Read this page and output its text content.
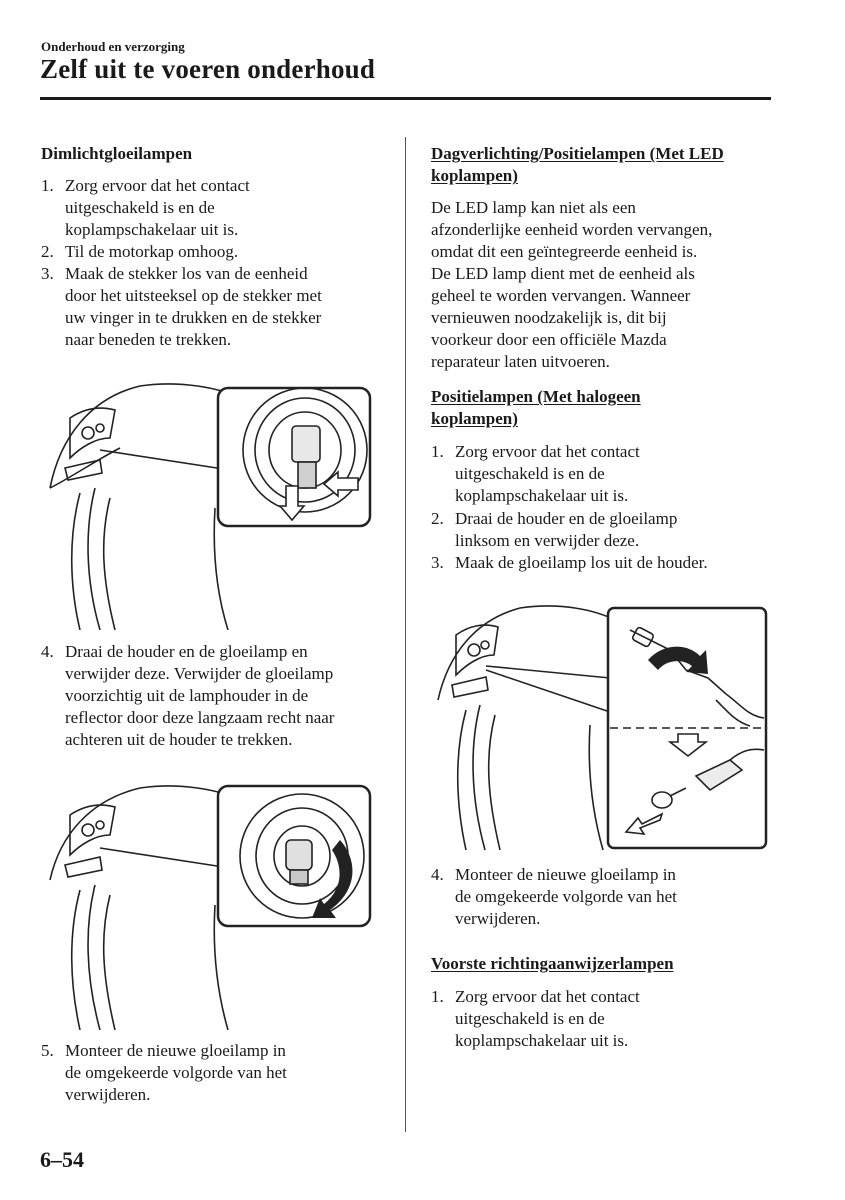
Onderhoud en verzorging
Zelf uit te voeren onderhoud
Dimlichtgloeilampen
1. Zorg ervoor dat het contact
uitgeschakeld is en de
koplampschakelaar uit is.
2. Til de motorkap omhoog.
3. Maak de stekker los van de eenheid
door het uitsteeksel op de stekker met
uw vinger in te drukken en de stekker
naar beneden te trekken.
4. Draai de houder en de gloeilamp en
verwijder deze. Verwijder de gloeilamp
voorzichtig uit de lamphouder in de
reflector door deze langzaam recht naar
achteren uit de houder te trekken.
5. Monteer de nieuwe gloeilamp in
de omgekeerde volgorde van het
verwijderen.
Dagverlichting/Positielampen (Met LED
koplampen)
De LED lamp kan niet als een
afzonderlijke eenheid worden vervangen,
omdat dit een geïntegreerde eenheid is.
De LED lamp dient met de eenheid als
geheel te worden vervangen. Wanneer
vernieuwen noodzakelijk is, dit bij
voorkeur door een officiële Mazda
reparateur laten uitvoeren.
Positielampen (Met halogeen
koplampen)
1. Zorg ervoor dat het contact
uitgeschakeld is en de
koplampschakelaar uit is.
2. Draai de houder en de gloeilamp
linksom en verwijder deze.
3. Maak de gloeilamp los uit de houder.
4. Monteer de nieuwe gloeilamp in
de omgekeerde volgorde van het
verwijderen.
Voorste richtingaanwijzerlampen
1. Zorg ervoor dat het contact
uitgeschakeld is en de
koplampschakelaar uit is.
6–54
